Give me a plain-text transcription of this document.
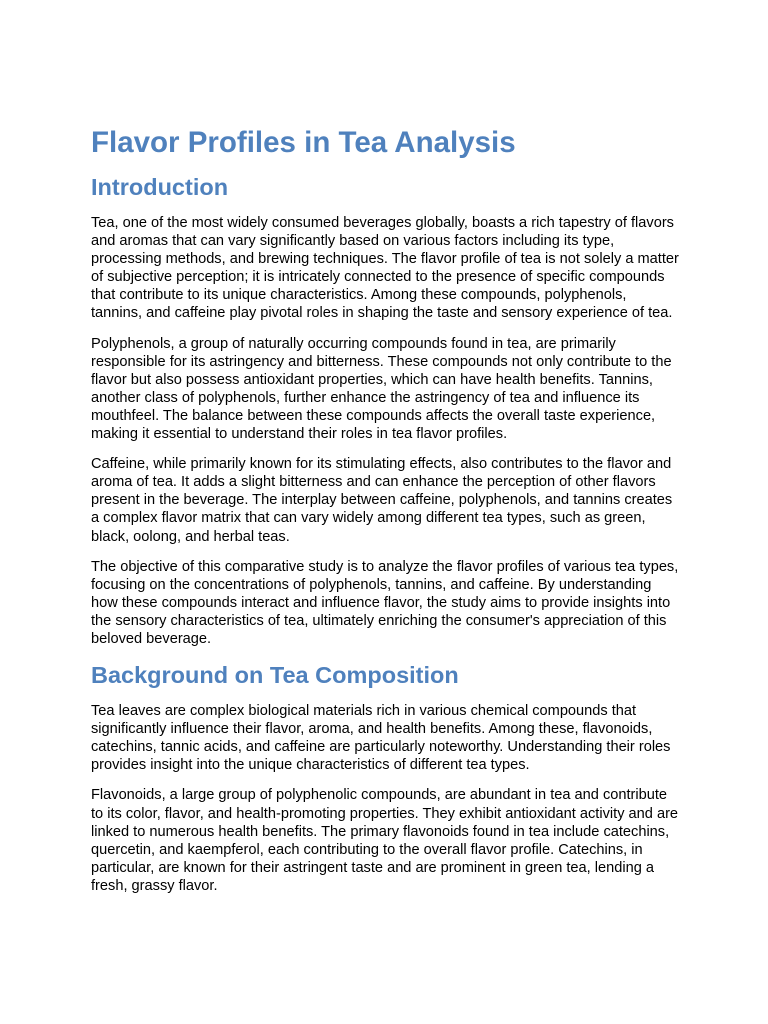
Flavor Profiles in Tea Analysis
Introduction

Tea, one of the most widely consumed beverages globally, boasts a rich tapestry of flavors and aromas that can vary significantly based on various factors including its type, processing methods, and brewing techniques. The flavor profile of tea is not solely a matter of subjective perception; it is intricately connected to the presence of specific compounds that contribute to its unique characteristics. Among these compounds, polyphenols, tannins, and caffeine play pivotal roles in shaping the taste and sensory experience of tea.

Polyphenols, a group of naturally occurring compounds found in tea, are primarily responsible for its astringency and bitterness. These compounds not only contribute to the flavor but also possess antioxidant properties, which can have health benefits. Tannins, another class of polyphenols, further enhance the astringency of tea and influence its mouthfeel. The balance between these compounds affects the overall taste experience, making it essential to understand their roles in tea flavor profiles.

Caffeine, while primarily known for its stimulating effects, also contributes to the flavor and aroma of tea. It adds a slight bitterness and can enhance the perception of other flavors present in the beverage. The interplay between caffeine, polyphenols, and tannins creates a complex flavor matrix that can vary widely among different tea types, such as green, black, oolong, and herbal teas.

The objective of this comparative study is to analyze the flavor profiles of various tea types, focusing on the concentrations of polyphenols, tannins, and caffeine. By understanding how these compounds interact and influence flavor, the study aims to provide insights into the sensory characteristics of tea, ultimately enriching the consumer's appreciation of this beloved beverage.

Background on Tea Composition

Tea leaves are complex biological materials rich in various chemical compounds that significantly influence their flavor, aroma, and health benefits. Among these, flavonoids, catechins, tannic acids, and caffeine are particularly noteworthy. Understanding their roles provides insight into the unique characteristics of different tea types.

Flavonoids, a large group of polyphenolic compounds, are abundant in tea and contribute to its color, flavor, and health-promoting properties. They exhibit antioxidant activity and are linked to numerous health benefits. The primary flavonoids found in tea include catechins, quercetin, and kaempferol, each contributing to the overall flavor profile. Catechins, in particular, are known for their astringent taste and are prominent in green tea, lending a fresh, grassy flavor.
